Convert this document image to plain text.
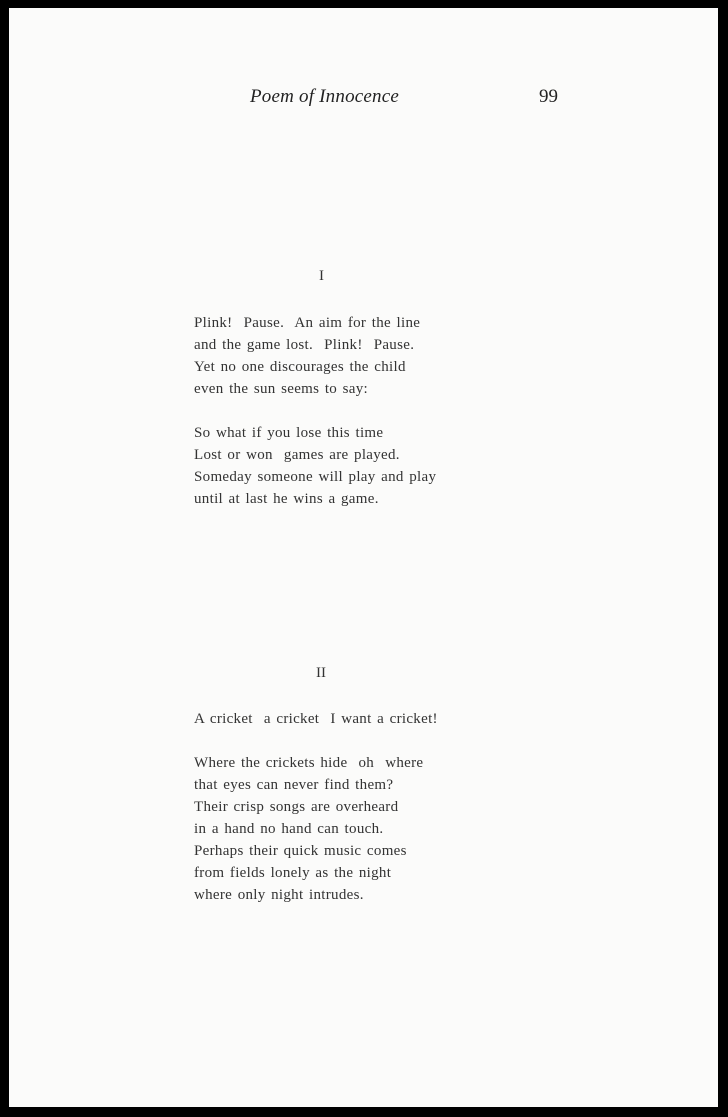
Poem of Innocence	99
I
Plink!  Pause.  An aim for the line
and the game lost.  Plink!  Pause.
Yet no one discourages the child
even the sun seems to say:
So what if you lose this time
Lost or won  games are played.
Someday someone will play and play
until at last he wins a game.
II
A cricket  a cricket  I want a cricket!
Where the crickets hide  oh  where
that eyes can never find them?
Their crisp songs are overheard
in a hand no hand can touch.
Perhaps their quick music comes
from fields lonely as the night
where only night intrudes.
